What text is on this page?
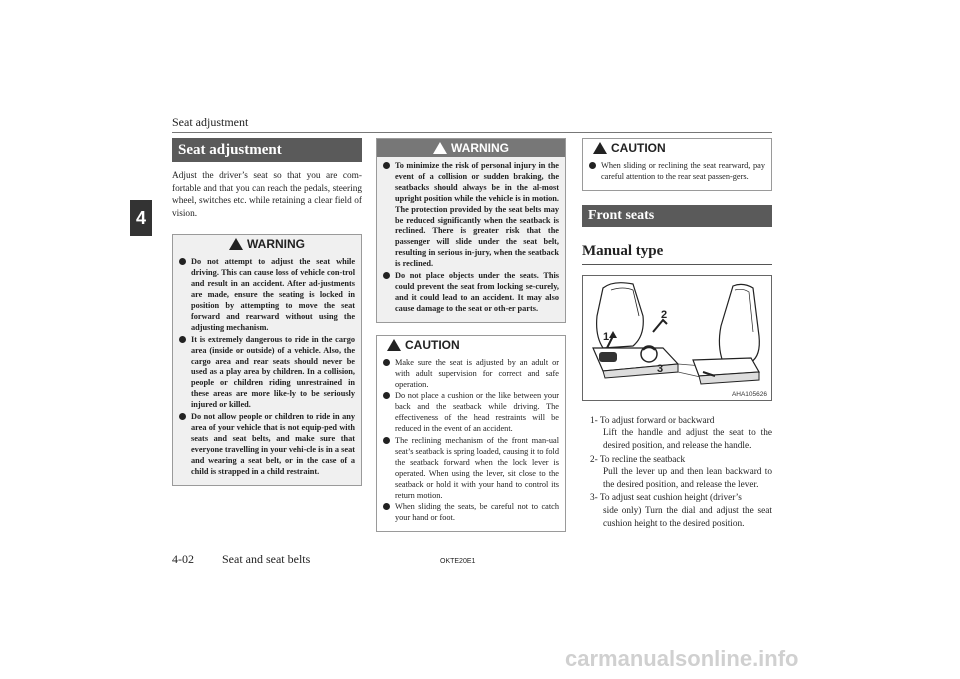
Seat adjustment
4
Seat adjustment

Adjust the driver’s seat so that you are com-fortable and that you can reach the pedals, steering wheel, switches etc. while retaining a clear field of vision.

WARNING
Do not attempt to adjust the seat while driving. This can cause loss of vehicle con-trol and result in an accident. After ad-justments are made, ensure the seating is locked in position by attempting to move the seat forward and rearward without using the adjusting mechanism.
It is extremely dangerous to ride in the cargo area (inside or outside) of a vehicle. Also, the cargo area and rear seats should never be used as a play area by children. In a collision, people or children riding unrestrained in these areas are more like-ly to be seriously injured or killed.
Do not allow people or children to ride in any area of your vehicle that is not equip-ped with seats and seat belts, and make sure that everyone travelling in your vehi-cle is in a seat and wearing a seat belt, or in the case of a child is strapped in a child restraint.
WARNING
To minimize the risk of personal injury in the event of a collision or sudden braking, the seatbacks should always be in the al-most upright position while the vehicle is in motion. The protection provided by the seat belts may be reduced significantly when the seatback is reclined. There is greater risk that the passenger will slide under the seat belt, resulting in serious in-jury, when the seatback is reclined.
Do not place objects under the seats. This could prevent the seat from locking se-curely, and it could lead to an accident. It may also cause damage to the seat or oth-er parts.
CAUTION
Make sure the seat is adjusted by an adult or with adult supervision for correct and safe operation.
Do not place a cushion or the like between your back and the seatback while driving. The effectiveness of the head restraints will be reduced in the event of an accident.
The reclining mechanism of the front man-ual seat’s seatback is spring loaded, causing it to fold the seatback forward when the lock lever is operated. When using the lever, sit close to the seatback or hold it with your hand to control its return motion.
When sliding the seats, be careful not to catch your hand or foot.
CAUTION
When sliding or reclining the seat rearward, pay careful attention to the rear seat passen-gers.
Front seats
Manual type
1
2
3
AHA105626
1- To adjust forward or backward
Lift the handle and adjust the seat to the desired position, and release the handle.
2- To recline the seatback
Pull the lever up and then lean backward to the desired position, and release the lever.
3- To adjust seat cushion height (driver’s
side only) Turn the dial and adjust the seat cushion height to the desired position.
4-02 Seat and seat belts	OKTE20E1
carmanualsonline.info
